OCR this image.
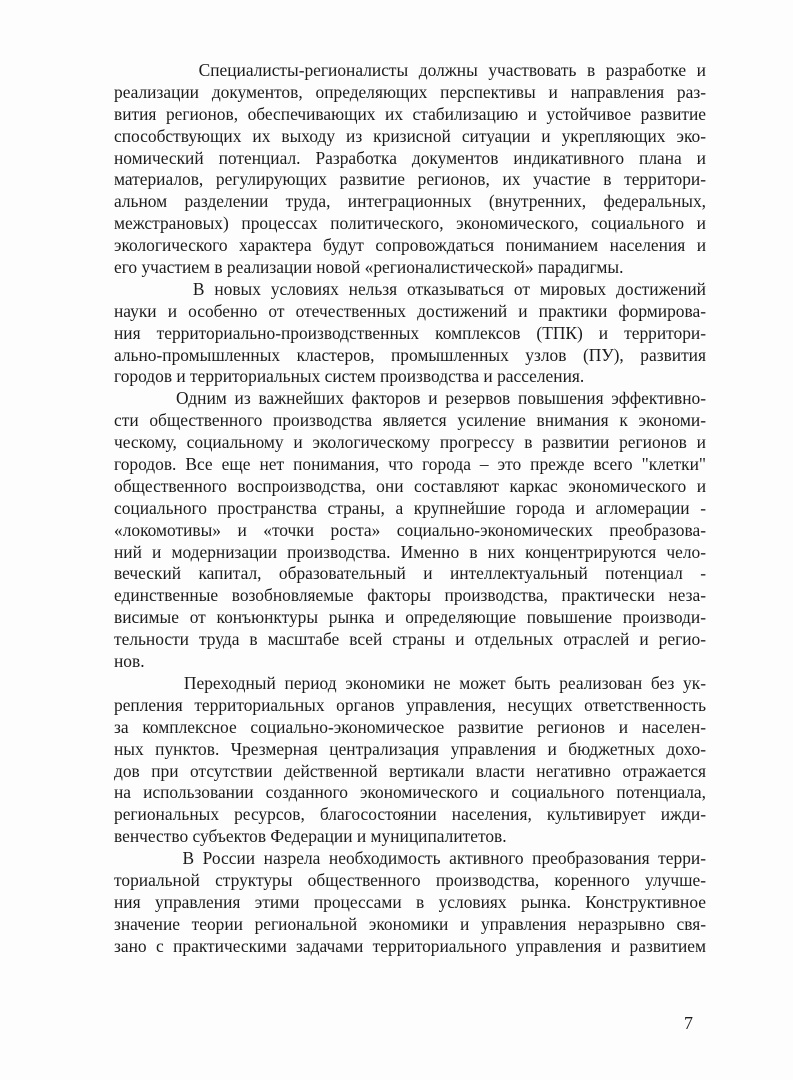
Специалисты-регионалисты должны участвовать в разработке и
реализации документов, определяющих перспективы и направления раз-
вития регионов, обеспечивающих их стабилизацию и устойчивое развитие
способствующих их выходу из кризисной ситуации и укрепляющих эко-
номический потенциал. Разработка документов индикативного плана и
материалов, регулирующих развитие регионов, их участие в территори-
альном разделении труда, интеграционных (внутренних, федеральных,
межстрановых) процессах политического, экономического, социального и
экологического характера будут сопровождаться пониманием населения и
его участием в реализации новой «регионалистической» парадигмы.
В новых условиях нельзя отказываться от мировых достижений
науки и особенно от отечественных достижений и практики формирова-
ния территориально-производственных комплексов (ТПК) и территори-
ально-промышленных кластеров, промышленных узлов (ПУ), развития
городов и территориальных систем производства и расселения.
Одним из важнейших факторов и резервов повышения эффективно-
сти общественного производства является усиление внимания к экономи-
ческому, социальному и экологическому прогрессу в развитии регионов и
городов. Все еще нет понимания, что города – это прежде всего "клетки"
общественного воспроизводства, они составляют каркас экономического и
социального пространства страны, а крупнейшие города и агломерации -
«локомотивы» и «точки роста» социально-экономических преобразова-
ний и модернизации производства. Именно в них концентрируются чело-
веческий капитал, образовательный и интеллектуальный потенциал -
единственные возобновляемые факторы производства, практически неза-
висимые от конъюнктуры рынка и определяющие повышение производи-
тельности труда в масштабе всей страны и отдельных отраслей и регио-
нов.
Переходный период экономики не может быть реализован без ук-
репления территориальных органов управления, несущих ответственность
за комплексное социально-экономическое развитие регионов и населен-
ных пунктов. Чрезмерная централизация управления и бюджетных дохо-
дов при отсутствии действенной вертикали власти негативно отражается
на использовании созданного экономического и социального потенциала,
региональных ресурсов, благосостоянии населения, культивирует ижди-
венчество субъектов Федерации и муниципалитетов.
В России назрела необходимость активного преобразования терри-
ториальной структуры общественного производства, коренного улучше-
ния управления этими процессами в условиях рынка. Конструктивное
значение теории региональной экономики и управления неразрывно свя-
зано с практическими задачами территориального управления и развитием
7
